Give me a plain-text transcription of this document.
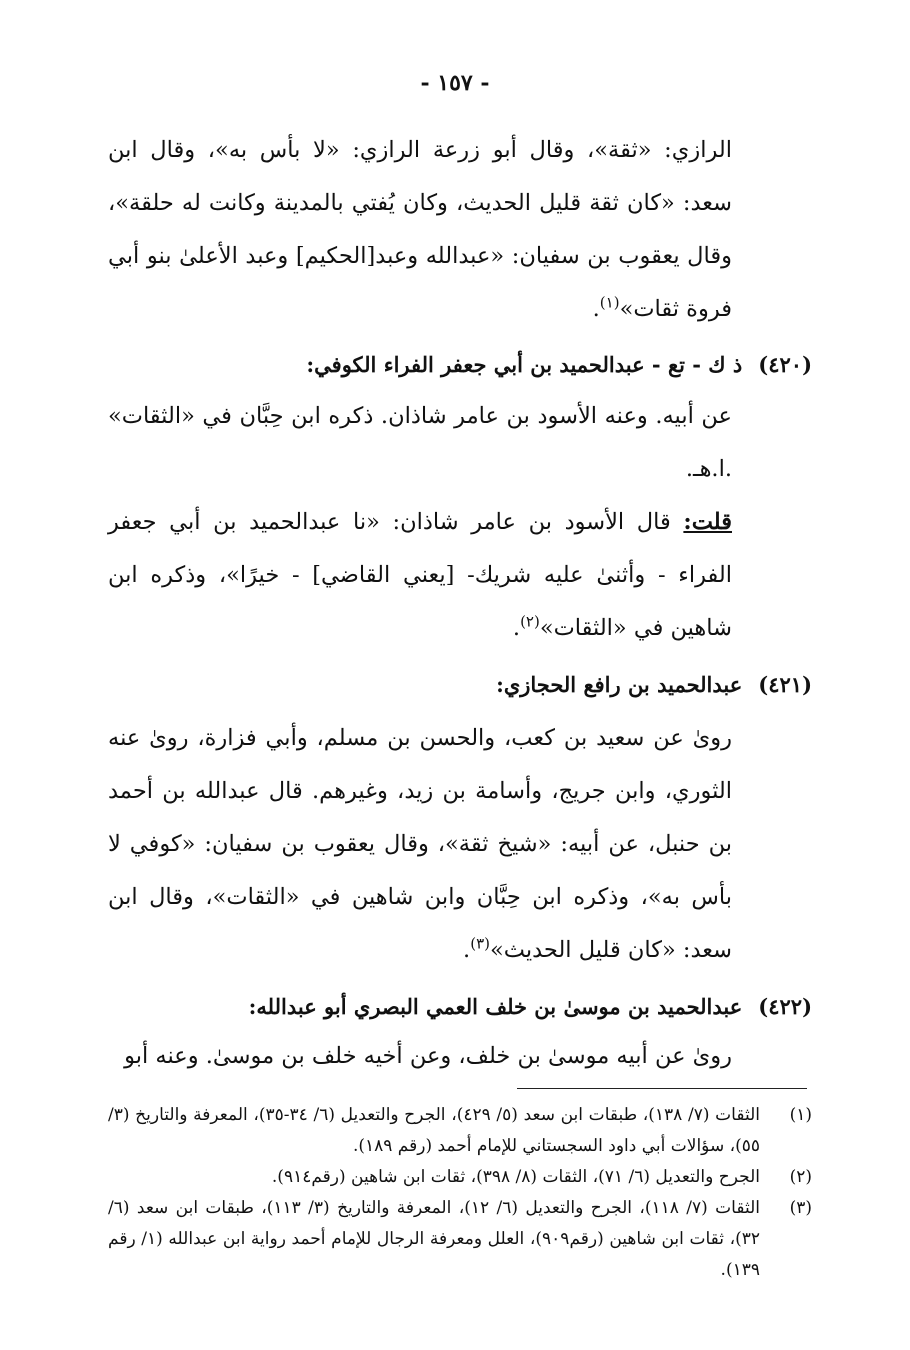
- ١٥٧ -

الرازي: «ثقة»، وقال أبو زرعة الرازي: «لا بأس به»، وقال ابن سعد: «كان ثقة قليل الحديث، وكان يُفتي بالمدينة وكانت له حلقة»، وقال يعقوب بن سفيان: «عبدالله وعبد[الحكيم] وعبد الأعلىٰ بنو أبي فروة ثقات»$^{(١)}$.

(٤٢٠)ذ ك - تع - عبدالحميد بن أبي جعفر الفراء الكوفي:

عن أبيه. وعنه الأسود بن عامر شاذان. ذكره ابن حِبَّان في «الثقات» .ا.هـ.

قلت: قال الأسود بن عامر شاذان: «نا عبدالحميد بن أبي جعفر الفراء - وأثنىٰ عليه شريك- [يعني القاضي] - خيرًا»، وذكره ابن شاهين في «الثقات»$^{(٢)}$.

(٤٢١)عبدالحميد بن رافع الحجازي:

روىٰ عن سعيد بن كعب، والحسن بن مسلم، وأبي فزارة، روىٰ عنه الثوري، وابن جريج، وأسامة بن زيد، وغيرهم. قال عبدالله بن أحمد بن حنبل، عن أبيه: «شيخ ثقة»، وقال يعقوب بن سفيان: «كوفي لا بأس به»، وذكره ابن حِبَّان وابن شاهين في «الثقات»، وقال ابن سعد: «كان قليل الحديث»$^{(٣)}$.

(٤٢٢)عبدالحميد بن موسىٰ بن خلف العمي البصري أبو عبدالله:

روىٰ عن أبيه موسىٰ بن خلف، وعن أخيه خلف بن موسىٰ. وعنه أبو

(١)
الثقات (٧/ ١٣٨)، طبقات ابن سعد (٥/ ٤٢٩)، الجرح والتعديل (٦/ ٣٤-٣٥)، المعرفة والتاريخ (٣/ ٥٥)، سؤالات أبي داود السجستاني للإمام أحمد (رقم ١٨٩).
(٢)
الجرح والتعديل (٦/ ٧١)، الثقات (٨/ ٣٩٨)، ثقات ابن شاهين (رقم٩١٤).
(٣)
الثقات (٧/ ١١٨)، الجرح والتعديل (٦/ ١٢)، المعرفة والتاريخ (٣/ ١١٣)، طبقات ابن سعد (٦/ ٣٢)، ثقات ابن شاهين (رقم٩٠٩)، العلل ومعرفة الرجال للإمام أحمد رواية ابن عبدالله (١/ رقم ١٣٩).
